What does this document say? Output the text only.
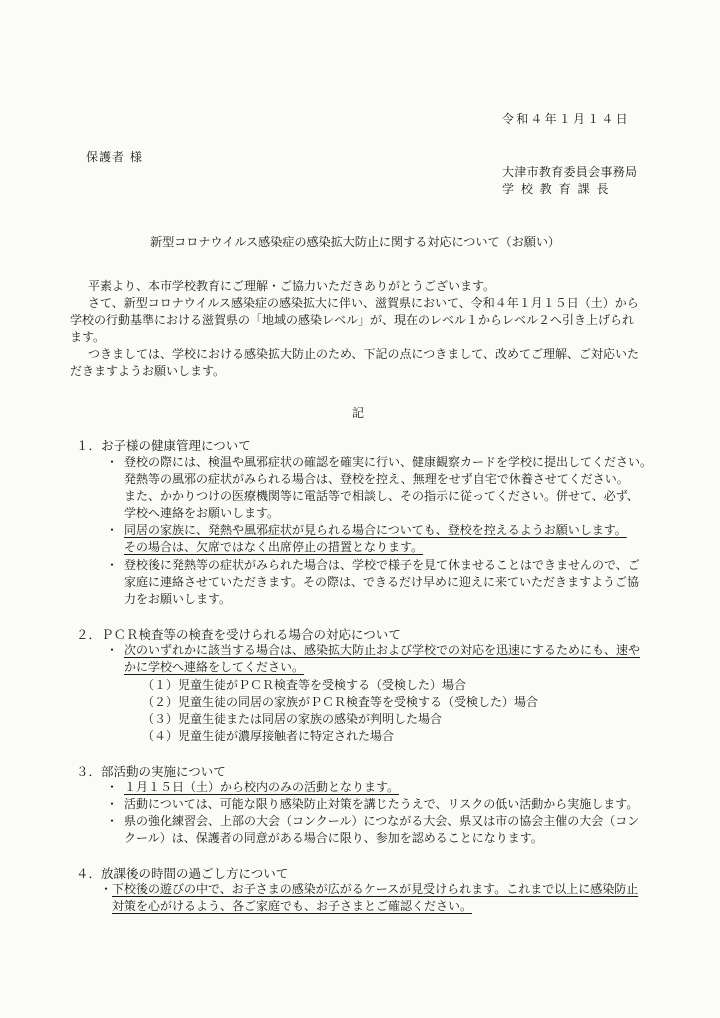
令和４年１月１４日
保護者 様
大津市教育委員会事務局
学校教育課長
新型コロナウイルス感染症の感染拡大防止に関する対応について（お願い）
平素より、本市学校教育にご理解・ご協力いただきありがとうございます。
さて、新型コロナウイルス感染症の感染拡大に伴い、滋賀県において、令和４年１月１５日（土）から
学校の行動基準における滋賀県の「地域の感染レベル」が、現在のレベル１からレベル２へ引き上げられ
ます。
つきましては、学校における感染拡大防止のため、下記の点につきまして、改めてご理解、ご対応いた
だきますようお願いします。
記
１．お子様の健康管理について
・ 登校の際には、検温や風邪症状の確認を確実に行い、健康観察カードを学校に提出してください。
発熱等の風邪の症状がみられる場合は、登校を控え、無理をせず自宅で休養させてください。
また、かかりつけの医療機関等に電話等で相談し、その指示に従ってください。併せて、必ず、
学校へ連絡をお願いします。
・ 同居の家族に、発熱や風邪症状が見られる場合についても、登校を控えるようお願いします。
その場合は、欠席ではなく出席停止の措置となります。
・ 登校後に発熱等の症状がみられた場合は、学校で様子を見て休ませることはできませんので、ご
家庭に連絡させていただきます。その際は、できるだけ早めに迎えに来ていただきますようご協
力をお願いします。
２．ＰＣＲ検査等の検査を受けられる場合の対応について
・ 次のいずれかに該当する場合は、感染拡大防止および学校での対応を迅速にするためにも、速や
かに学校へ連絡をしてください。
（１）児童生徒がＰＣＲ検査等を受検する（受検した）場合
（２）児童生徒の同居の家族がＰＣＲ検査等を受検する（受検した）場合
（３）児童生徒または同居の家族の感染が判明した場合
（４）児童生徒が濃厚接触者に特定された場合
３．部活動の実施について
・ １月１５日（土）から校内のみの活動となります。
・ 活動については、可能な限り感染防止対策を講じたうえで、リスクの低い活動から実施します。
・ 県の強化練習会、上部の大会（コンクール）につながる大会、県又は市の協会主催の大会（コン
クール）は、保護者の同意がある場合に限り、参加を認めることになります。
４．放課後の時間の過ごし方について
・ 下校後の遊びの中で、お子さまの感染が広がるケースが見受けられます。これまで以上に感染防止
対策を心がけるよう、各ご家庭でも、お子さまとご確認ください。
